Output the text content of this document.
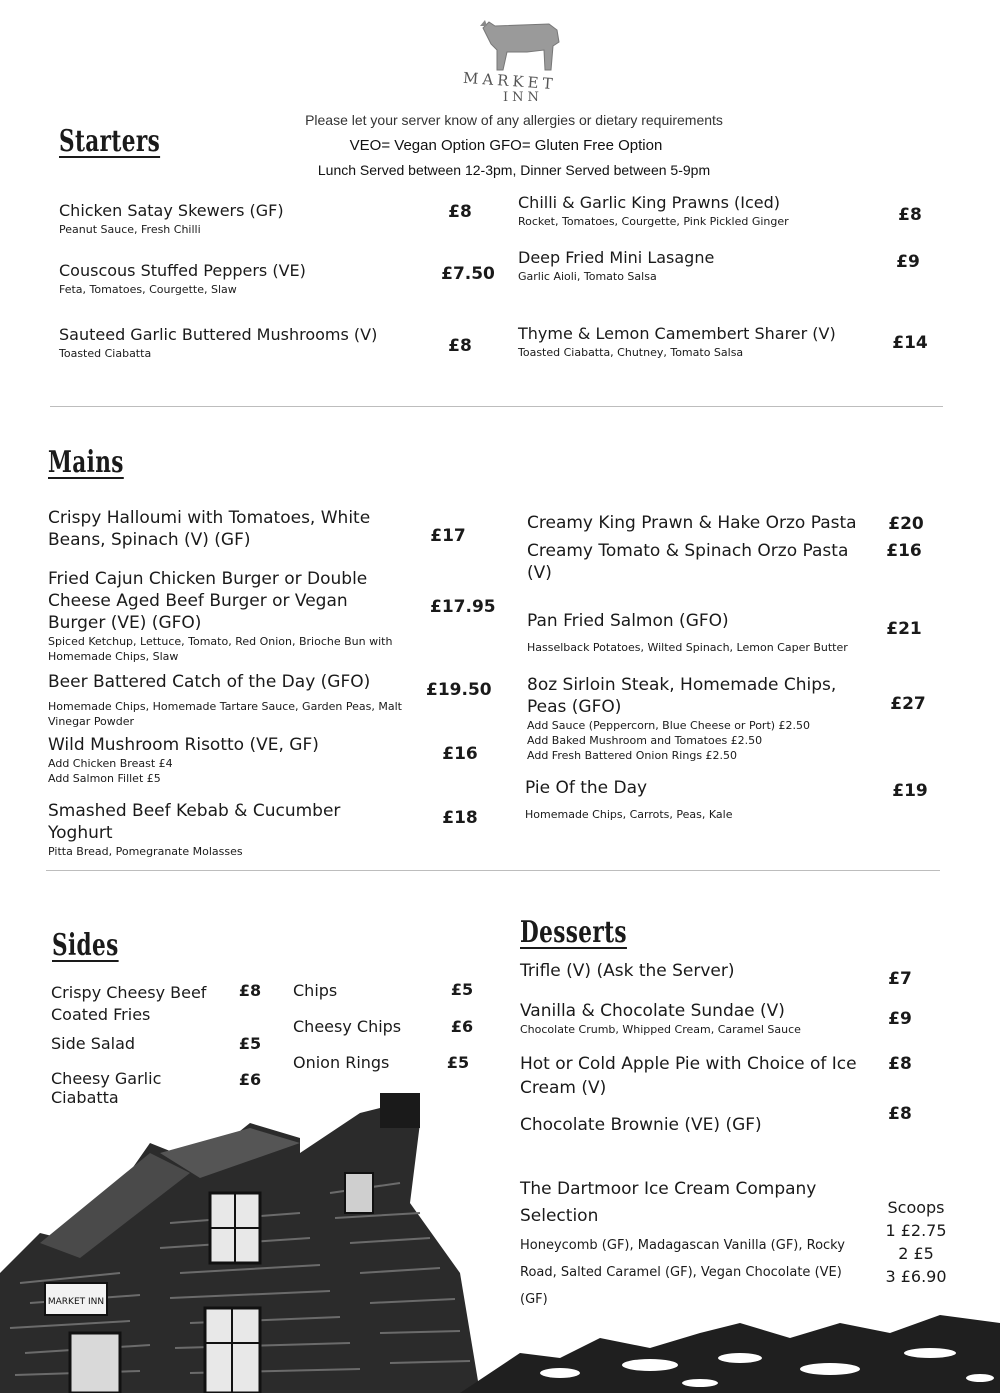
MARKET
INN
Please let your server know of any allergies or dietary requirements
VEO= Vegan Option GFO= Gluten Free Option
Lunch Served between 12-3pm, Dinner Served between 5-9pm
Starters
Chicken Satay Skewers (GF)
Peanut Sauce, Fresh Chilli
£8
Couscous Stuffed Peppers (VE)
Feta, Tomatoes, Courgette, Slaw
£7.50
Sauteed Garlic Buttered Mushrooms (V)
Toasted Ciabatta	£8
Chilli & Garlic King Prawns (Iced)
Rocket, Tomatoes, Courgette, Pink Pickled Ginger	£8
Deep Fried Mini Lasagne
Garlic Aioli, Tomato Salsa
£9
Thyme & Lemon Camembert Sharer (V)
Toasted Ciabatta, Chutney, Tomato Salsa	£14
Mains
Crispy Halloumi with Tomatoes, White Beans, Spinach (V) (GF)	£17
Fried Cajun Chicken Burger or Double Cheese Aged Beef Burger or Vegan Burger (VE) (GFO)
Spiced Ketchup, Lettuce, Tomato, Red Onion, Brioche Bun with Homemade Chips, Slaw
£17.95
Beer Battered Catch of the Day (GFO)
Homemade Chips, Homemade Tartare Sauce, Garden Peas, Malt Vinegar Powder
£19.50
Wild Mushroom Risotto (VE, GF)
Add Chicken Breast £4
Add Salmon Fillet £5
£16
Smashed Beef Kebab & Cucumber Yoghurt
Pitta Bread, Pomegranate Molasses
£18
Creamy King Prawn & Hake Orzo Pasta	£20
Creamy Tomato & Spinach Orzo Pasta (V)
£16
Pan Fried Salmon (GFO)
Hasselback Potatoes, Wilted Spinach, Lemon Caper Butter
£21
8oz Sirloin Steak, Homemade Chips, Peas (GFO)
Add Sauce (Peppercorn, Blue Cheese or Port) £2.50
Add Baked Mushroom and Tomatoes £2.50
Add Fresh Battered Onion Rings £2.50
£27
Pie Of the Day
Homemade Chips, Carrots, Peas, Kale
£19
Sides
Crispy Cheesy Beef Coated Fries
£8
Side Salad	£5
Cheesy Garlic Ciabatta
£6
Chips	£5
Cheesy Chips	£6
Onion Rings	£5
Desserts
Trifle (V) (Ask the Server)	£7
Vanilla & Chocolate Sundae (V)
Chocolate Crumb, Whipped Cream, Caramel Sauce
£9
Hot or Cold Apple Pie with Choice of Ice Cream (V)
£8
Chocolate Brownie (VE) (GF)
£8
The Dartmoor Ice Cream Company Selection
Honeycomb (GF), Madagascan Vanilla (GF), Rocky Road, Salted Caramel (GF), Vegan Chocolate (VE) (GF)
Scoops
1 £2.75
2 £5
3 £6.90
MARKET INN
